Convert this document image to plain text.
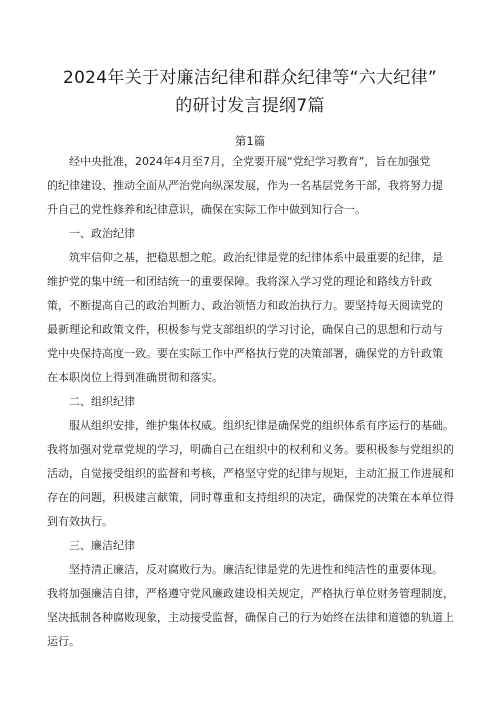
2024年关于对廉洁纪律和群众纪律等“六大纪律”
的研讨发言提纲7篇
第1篇
经中央批准，2024年4月至7月，全党要开展“党纪学习教育”，旨在加强党
的纪律建设、推动全面从严治党向纵深发展，作为一名基层党务干部，我将努力提
升自己的党性修养和纪律意识，确保在实际工作中做到知行合一。
一、政治纪律
筑牢信仰之基，把稳思想之舵。政治纪律是党的纪律体系中最重要的纪律，是
维护党的集中统一和团结统一的重要保障。我将深入学习党的理论和路线方针政
策，不断提高自己的政治判断力、政治领悟力和政治执行力。要坚持每天阅读党的
最新理论和政策文件，积极参与党支部组织的学习讨论，确保自己的思想和行动与
党中央保持高度一致。要在实际工作中严格执行党的决策部署，确保党的方针政策
在本职岗位上得到准确贯彻和落实。
二、组织纪律
服从组织安排，维护集体权威。组织纪律是确保党的组织体系有序运行的基础。
我将加强对党章党规的学习，明确自己在组织中的权利和义务。要积极参与党组织的
活动，自觉接受组织的监督和考核，严格坚守党的纪律与规矩，主动汇报工作进展和
存在的问题，积极建言献策，同时尊重和支持组织的决定，确保党的决策在本单位得
到有效执行。
三、廉洁纪律
坚持清正廉洁，反对腐败行为。廉洁纪律是党的先进性和纯洁性的重要体现。
我将加强廉洁自律，严格遵守党风廉政建设相关规定，严格执行单位财务管理制度，
坚决抵制各种腐败现象，主动接受监督，确保自己的行为始终在法律和道德的轨道上
运行。
